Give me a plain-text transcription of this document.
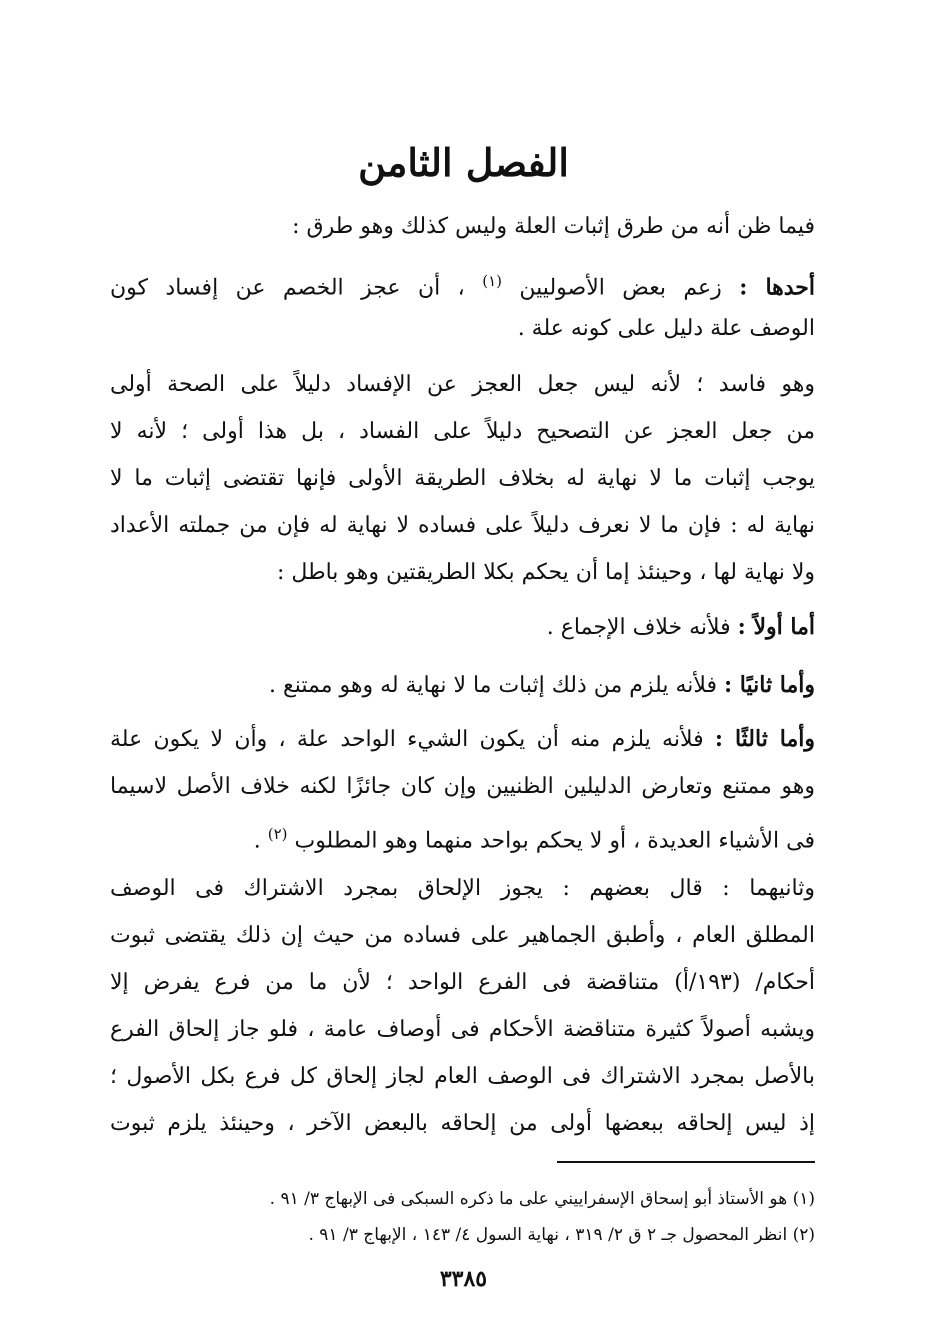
الفصل الثامن
فيما ظن أنه من طرق إثبات العلة وليس كذلك وهو طرق :
أحدها : زعم بعض الأصوليين $^{(١)}$ ، أن عجز الخصم عن إفساد كون
الوصف علة دليل على كونه علة .
وهو فاسد ؛ لأنه ليس جعل العجز عن الإفساد دليلاً على الصحة أولى
من جعل العجز عن التصحيح دليلاً على الفساد ، بل هذا أولى ؛ لأنه لا
يوجب إثبات ما لا نهاية له بخلاف الطريقة الأولى فإنها تقتضى إثبات ما لا
نهاية له : فإن ما لا نعرف دليلاً على فساده لا نهاية له فإن من جملته الأعداد
ولا نهاية لها ، وحينئذ إما أن يحكم بكلا الطريقتين وهو باطل :
أما أولاً : فلأنه خلاف الإجماع .
وأما ثانيًا : فلأنه يلزم من ذلك إثبات ما لا نهاية له وهو ممتنع .
وأما ثالثًا : فلأنه يلزم منه أن يكون الشيء الواحد علة ، وأن لا يكون علة
وهو ممتنع وتعارض الدليلين الظنيين وإن كان جائزًا لكنه خلاف الأصل لاسيما
فى الأشياء العديدة ، أو لا يحكم بواحد منهما وهو المطلوب $^{(٢)}$ .
وثانيهما : قال بعضهم : يجوز الإلحاق بمجرد الاشتراك فى الوصف
المطلق العام ، وأطبق الجماهير على فساده من حيث إن ذلك يقتضى ثبوت
أحكام/ (١٩٣/أ) متناقضة فى الفرع الواحد ؛ لأن ما من فرع يفرض إلا
ويشبه أصولاً كثيرة متناقضة الأحكام فى أوصاف عامة ، فلو جاز إلحاق الفرع
بالأصل بمجرد الاشتراك فى الوصف العام لجاز إلحاق كل فرع بكل الأصول ؛
إذ ليس إلحاقه ببعضها أولى من إلحاقه بالبعض الآخر ، وحينئذ يلزم ثبوت
(١) هو الأستاذ أبو إسحاق الإسفراييني على ما ذكره السبكى فى الإبهاج ٣/ ٩١ .
(٢) انظر المحصول جـ ٢ ق ٢/ ٣١٩ ، نهاية السول ٤/ ١٤٣ ، الإبهاج ٣/ ٩١ .
٣٣٨٥
